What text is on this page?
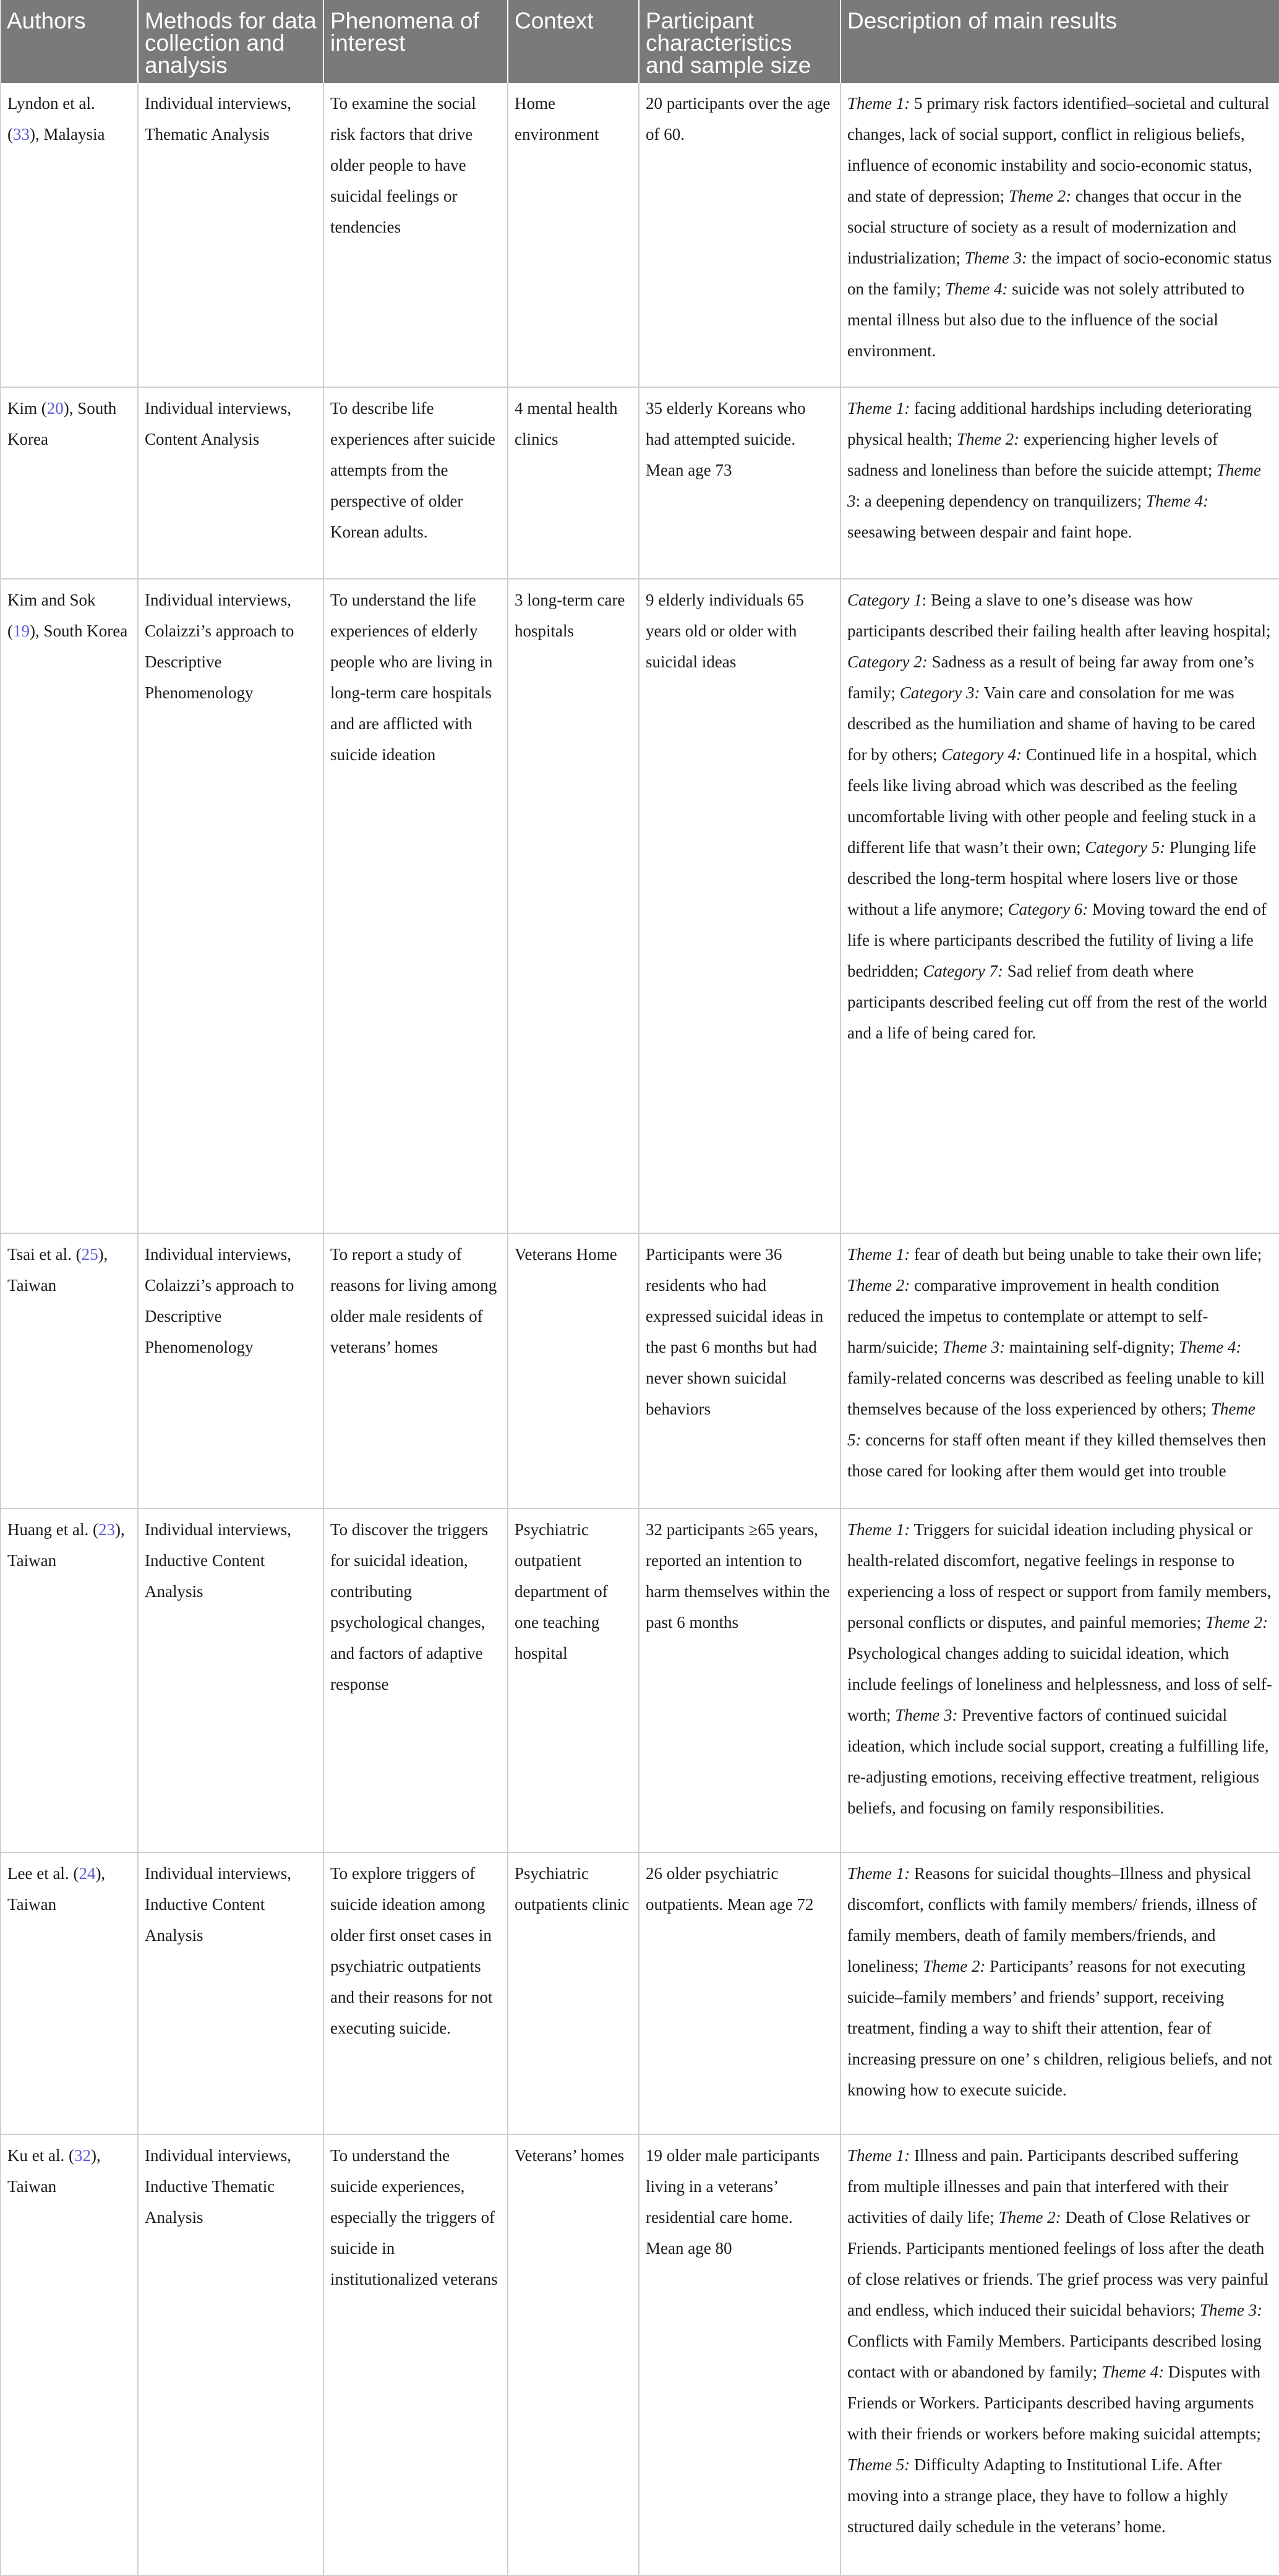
Authors	Methods for data collection and analysis	Phenomena of interest	Context	Participant characteristics and sample size	Description of main results
Lyndon et al. (33), Malaysia	Individual interviews, Thematic Analysis	To examine the social risk factors that drive older people to have suicidal feelings or tendencies	Home environment	20 participants over the age of 60.	Theme 1: 5 primary risk factors identified–societal and cultural changes, lack of social support, conflict in religious beliefs, influence of economic instability and socio-economic status, and state of depression; Theme 2: changes that occur in the social structure of society as a result of modernization and industrialization; Theme 3: the impact of socio-economic status on the family; Theme 4: suicide was not solely attributed to mental illness but also due to the influence of the social environment.
Kim (20), South Korea	Individual interviews, Content Analysis	To describe life experiences after suicide attempts from the perspective of older Korean adults.	4 mental health clinics	35 elderly Koreans who had attempted suicide. Mean age 73	Theme 1: facing additional hardships including deteriorating physical health; Theme 2: experiencing higher levels of sadness and loneliness than before the suicide attempt; Theme 3: a deepening dependency on tranquilizers; Theme 4: seesawing between despair and faint hope.
Kim and Sok (19), South Korea	Individual interviews, Colaizzi’s approach to Descriptive Phenomenology	To understand the life experiences of elderly people who are living in long-term care hospitals and are afflicted with suicide ideation	3 long-term care hospitals	9 elderly individuals 65 years old or older with suicidal ideas	Category 1: Being a slave to one’s disease was how participants described their failing health after leaving hospital; Category 2: Sadness as a result of being far away from one’s family; Category 3: Vain care and consolation for me was described as the humiliation and shame of having to be cared for by others; Category 4: Continued life in a hospital, which feels like living abroad which was described as the feeling uncomfortable living with other people and feeling stuck in a different life that wasn’t their own; Category 5: Plunging life described the long-term hospital where losers live or those without a life anymore; Category 6: Moving toward the end of life is where participants described the futility of living a life bedridden; Category 7: Sad relief from death where participants described feeling cut off from the rest of the world and a life of being cared for.
Tsai et al. (25), Taiwan	Individual interviews, Colaizzi’s approach to Descriptive Phenomenology	To report a study of reasons for living among older male residents of veterans’ homes	Veterans Home	Participants were 36 residents who had expressed suicidal ideas in the past 6 months but had never shown suicidal behaviors	Theme 1: fear of death but being unable to take their own life; Theme 2: comparative improvement in health condition reduced the impetus to contemplate or attempt to self-harm/suicide; Theme 3: maintaining self-dignity; Theme 4: family-related concerns was described as feeling unable to kill themselves because of the loss experienced by others; Theme 5: concerns for staff often meant if they killed themselves then those cared for looking after them would get into trouble
Huang et al. (23), Taiwan	Individual interviews, Inductive Content Analysis	To discover the triggers for suicidal ideation, contributing psychological changes, and factors of adaptive response	Psychiatric outpatient department of one teaching hospital	32 participants ≥65 years, reported an intention to harm themselves within the past 6 months	Theme 1: Triggers for suicidal ideation including physical or health-related discomfort, negative feelings in response to experiencing a loss of respect or support from family members, personal conflicts or disputes, and painful memories; Theme 2: Psychological changes adding to suicidal ideation, which include feelings of loneliness and helplessness, and loss of self-worth; Theme 3: Preventive factors of continued suicidal ideation, which include social support, creating a fulfilling life, re-adjusting emotions, receiving effective treatment, religious beliefs, and focusing on family responsibilities.
Lee et al. (24), Taiwan	Individual interviews, Inductive Content Analysis	To explore triggers of suicide ideation among older first onset cases in psychiatric outpatients and their reasons for not executing suicide.	Psychiatric outpatients clinic	26 older psychiatric outpatients. Mean age 72	Theme 1: Reasons for suicidal thoughts–Illness and physical discomfort, conflicts with family members/ friends, illness of family members, death of family members/friends, and loneliness; Theme 2: Participants’ reasons for not executing suicide–family members’ and friends’ support, receiving treatment, finding a way to shift their attention, fear of increasing pressure on one’ s children, religious beliefs, and not knowing how to execute suicide.
Ku et al. (32), Taiwan	Individual interviews, Inductive Thematic Analysis	To understand the suicide experiences, especially the triggers of suicide in institutionalized veterans	Veterans’ homes	19 older male participants living in a veterans’ residential care home. Mean age 80	Theme 1: Illness and pain. Participants described suffering from multiple illnesses and pain that interfered with their activities of daily life; Theme 2: Death of Close Relatives or Friends. Participants mentioned feelings of loss after the death of close relatives or friends. The grief process was very painful and endless, which induced their suicidal behaviors; Theme 3: Conflicts with Family Members. Participants described losing contact with or abandoned by family; Theme 4: Disputes with Friends or Workers. Participants described having arguments with their friends or workers before making suicidal attempts; Theme 5: Difficulty Adapting to Institutional Life. After moving into a strange place, they have to follow a highly structured daily schedule in the veterans’ home.
